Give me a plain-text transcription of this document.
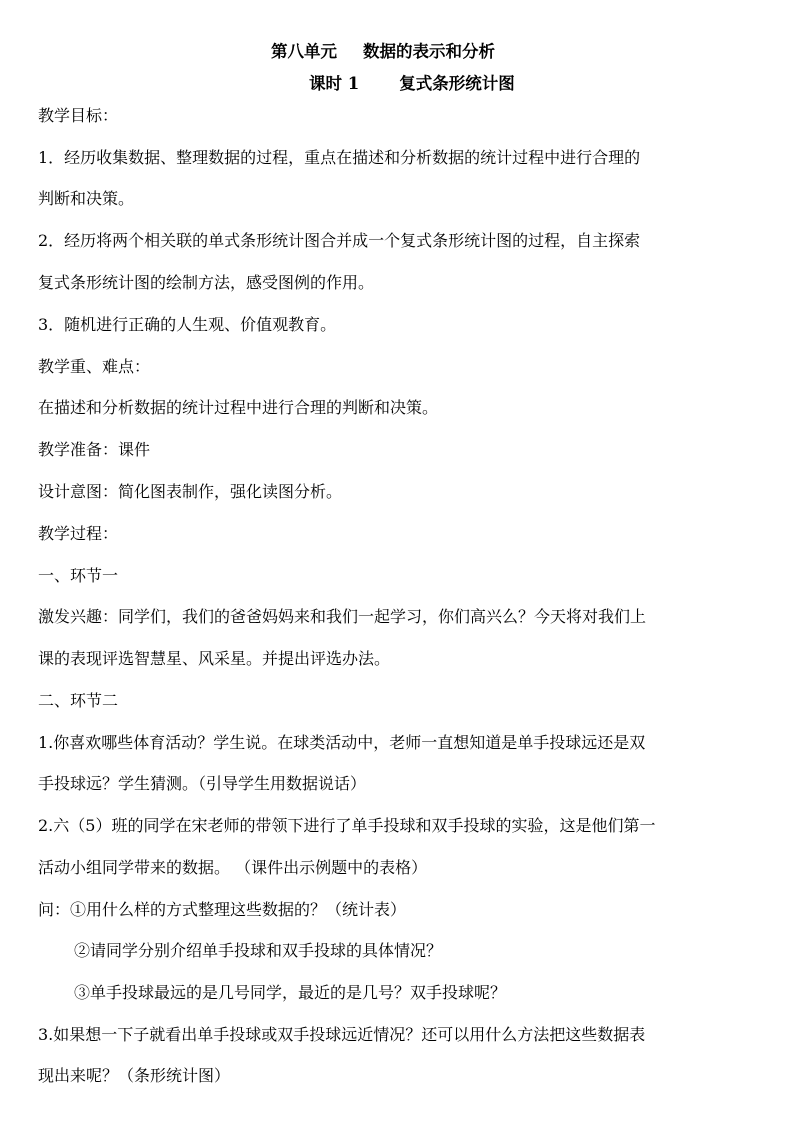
第八单元 数据的表示和分析
课时 1 复式条形统计图
教学目标：
1．经历收集数据、整理数据的过程，重点在描述和分析数据的统计过程中进行合理的
判断和决策。
2．经历将两个相关联的单式条形统计图合并成一个复式条形统计图的过程，自主探索
复式条形统计图的绘制方法，感受图例的作用。
3．随机进行正确的人生观、价值观教育。
教学重、难点：
在描述和分析数据的统计过程中进行合理的判断和决策。
教学准备：课件
设计意图：简化图表制作，强化读图分析。
教学过程：
一、环节一
激发兴趣：同学们，我们的爸爸妈妈来和我们一起学习，你们高兴么？今天将对我们上
课的表现评选智慧星、风采星。并提出评选办法。
二、环节二
1.你喜欢哪些体育活动？学生说。在球类活动中，老师一直想知道是单手投球远还是双
手投球远？学生猜测。（引导学生用数据说话）
2.六（5）班的同学在宋老师的带领下进行了单手投球和双手投球的实验，这是他们第一
活动小组同学带来的数据。 （课件出示例题中的表格）
问：①用什么样的方式整理这些数据的？（统计表）
②请同学分别介绍单手投球和双手投球的具体情况？
③单手投球最远的是几号同学，最近的是几号？双手投球呢？
3.如果想一下子就看出单手投球或双手投球远近情况？还可以用什么方法把这些数据表
现出来呢？（条形统计图）
